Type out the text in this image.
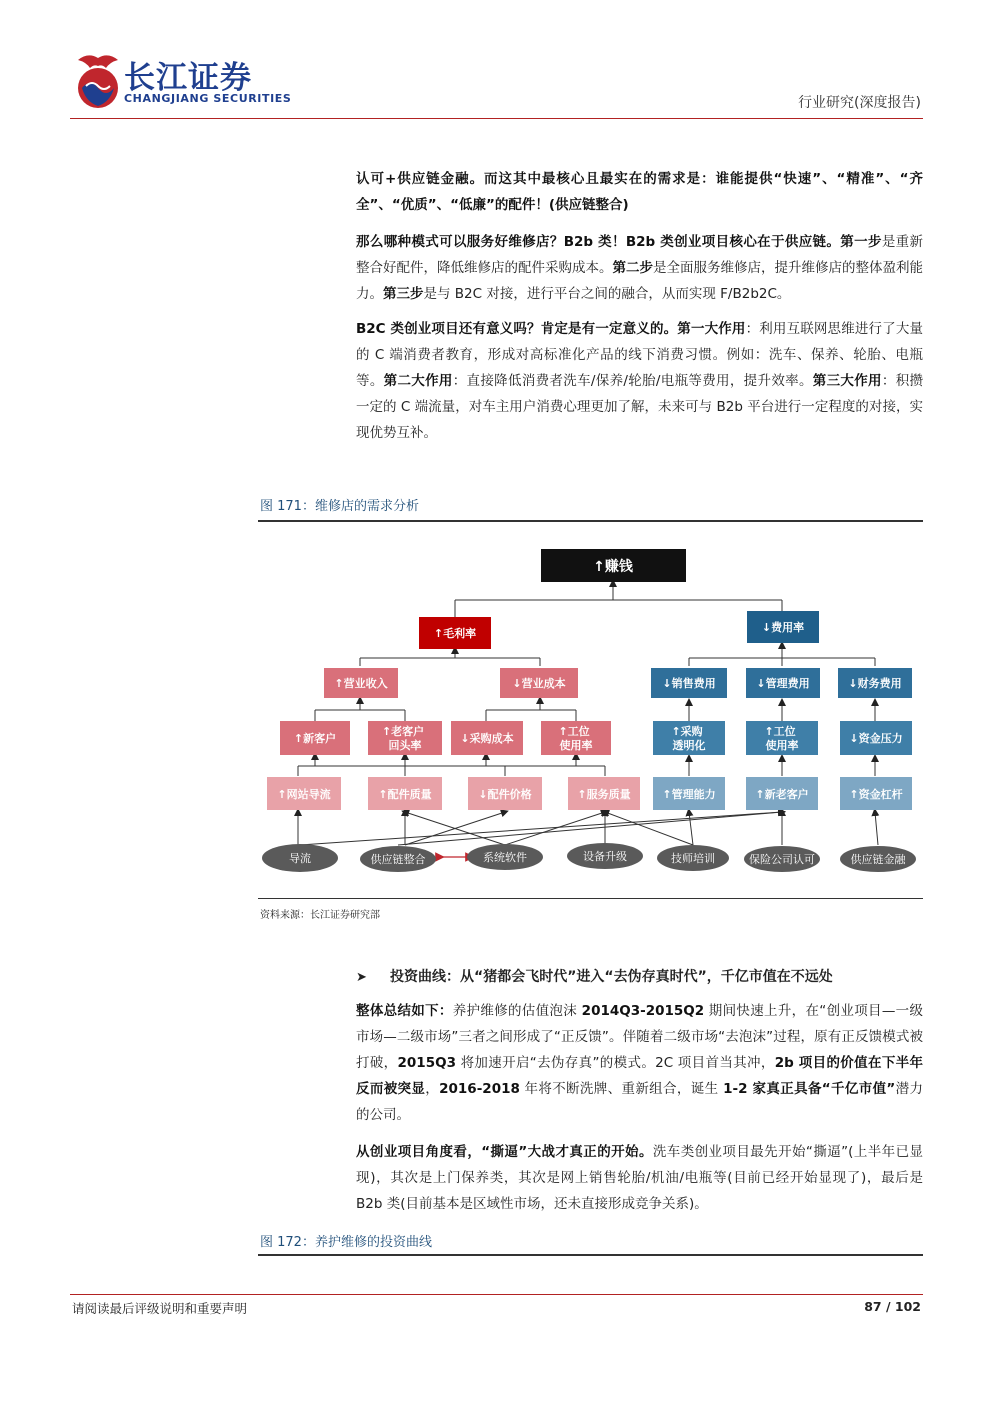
长江证券
CHANGJIANG SECURITIES	行业研究(深度报告)
认可+供应链金融。而这其中最核心且最实在的需求是：谁能提供“快速”、“精准”、“齐全”、“优质”、“低廉”的配件！(供应链整合)
那么哪种模式可以服务好维修店？B2b 类！B2b 类创业项目核心在于供应链。第一步是重新整合好配件，降低维修店的配件采购成本。第二步是全面服务维修店，提升维修店的整体盈利能力。第三步是与 B2C 对接，进行平台之间的融合，从而实现 F/B2b2C。
B2C 类创业项目还有意义吗？肯定是有一定意义的。第一大作用：利用互联网思维进行了大量的 C 端消费者教育，形成对高标准化产品的线下消费习惯。例如：洗车、保养、轮胎、电瓶等。第二大作用：直接降低消费者洗车/保养/轮胎/电瓶等费用，提升效率。第三大作用：积攒一定的 C 端流量，对车主用户消费心理更加了解，未来可与 B2b 平台进行一定程度的对接，实现优势互补。
图 171：维修店的需求分析
↑赚钱
↑毛利率	↓费用率
↑营业收入	↓营业成本	↓销售费用	↓管理费用	↓财务费用
↑新客户
↑老客户 回头率
↓采购成本
↑工位 使用率
↑采购 透明化
↑工位 使用率
↓资金压力
↑网站导流	↑配件质量	↓配件价格	↑服务质量	↑管理能力	↑新老客户	↑资金杠杆
导流	供应链整合	系统软件	设备升级	技师培训	保险公司认可	供应链金融
资料来源：长江证券研究部
➤ 投资曲线：从“猪都会飞时代”进入“去伪存真时代”，千亿市值在不远处
整体总结如下：养护维修的估值泡沫 2014Q3-2015Q2 期间快速上升，在“创业项目—一级市场—二级市场”三者之间形成了“正反馈”。伴随着二级市场“去泡沫”过程，原有正反馈模式被打破，2015Q3 将加速开启“去伪存真”的模式。2C 项目首当其冲，2b 项目的价值在下半年反而被突显，2016-2018 年将不断洗牌、重新组合，诞生 1-2 家真正具备“千亿市值”潜力的公司。
从创业项目角度看，“撕逼”大战才真正的开始。洗车类创业项目最先开始“撕逼”(上半年已显现)，其次是上门保养类，其次是网上销售轮胎/机油/电瓶等(目前已经开始显现了)，最后是 B2b 类(目前基本是区域性市场，还未直接形成竞争关系)。
图 172：养护维修的投资曲线
请阅读最后评级说明和重要声明	87 / 102
